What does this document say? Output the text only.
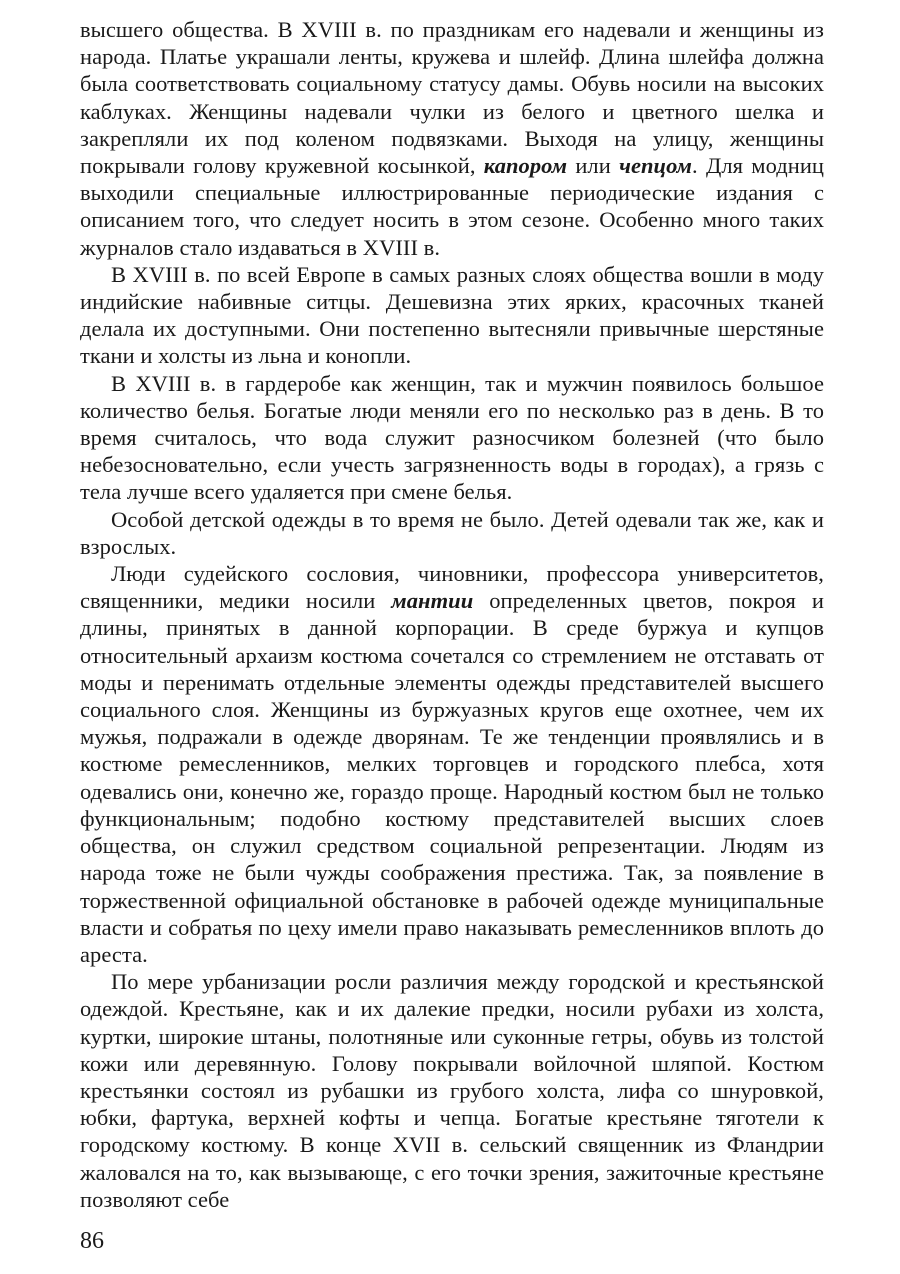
высшего общества. В XVIII в. по праздникам его надевали и женщины из народа. Платье украшали ленты, кружева и шлейф. Длина шлейфа должна была соответствовать социальному статусу дамы. Обувь носили на высоких каблуках. Женщины надевали чулки из белого и цветного шелка и закрепляли их под коленом подвязками. Выходя на улицу, женщины покрывали голову кружевной косынкой, капором или чепцом. Для модниц выходили специальные иллюстрированные периодические издания с описанием того, что следует носить в этом сезоне. Особенно много таких журналов стало издаваться в XVIII в.

В XVIII в. по всей Европе в самых разных слоях общества вошли в моду индийские набивные ситцы. Дешевизна этих ярких, красочных тканей делала их доступными. Они постепенно вытесняли привычные шерстяные ткани и холсты из льна и конопли.

В XVIII в. в гардеробе как женщин, так и мужчин появилось большое количество белья. Богатые люди меняли его по несколько раз в день. В то время считалось, что вода служит разносчиком болезней (что было небезосновательно, если учесть загрязненность воды в городах), а грязь с тела лучше всего удаляется при смене белья.

Особой детской одежды в то время не было. Детей одевали так же, как и взрослых.

Люди судейского сословия, чиновники, профессора университетов, священники, медики носили мантии определенных цветов, покроя и длины, принятых в данной корпорации. В среде буржуа и купцов относительный архаизм костюма сочетался со стремлением не отставать от моды и перенимать отдельные элементы одежды представителей высшего социального слоя. Женщины из буржуазных кругов еще охотнее, чем их мужья, подражали в одежде дворянам. Те же тенденции проявлялись и в костюме ремесленников, мелких торговцев и городского плебса, хотя одевались они, конечно же, гораздо проще. Народный костюм был не только функциональным; подобно костюму представителей высших слоев общества, он служил средством социальной репрезентации. Людям из народа тоже не были чужды соображения престижа. Так, за появление в торжественной официальной обстановке в рабочей одежде муниципальные власти и собратья по цеху имели право наказывать ремесленников вплоть до ареста.

По мере урбанизации росли различия между городской и крестьянской одеждой. Крестьяне, как и их далекие предки, носили рубахи из холста, куртки, широкие штаны, полотняные или суконные гетры, обувь из толстой кожи или деревянную. Голову покрывали войлочной шляпой. Костюм крестьянки состоял из рубашки из грубого холста, лифа со шнуровкой, юбки, фартука, верхней кофты и чепца. Богатые крестьяне тяготели к городскому костюму. В конце XVII в. сельский священник из Фландрии жаловался на то, как вызывающе, с его точки зрения, зажиточные крестьяне позволяют себе

86
